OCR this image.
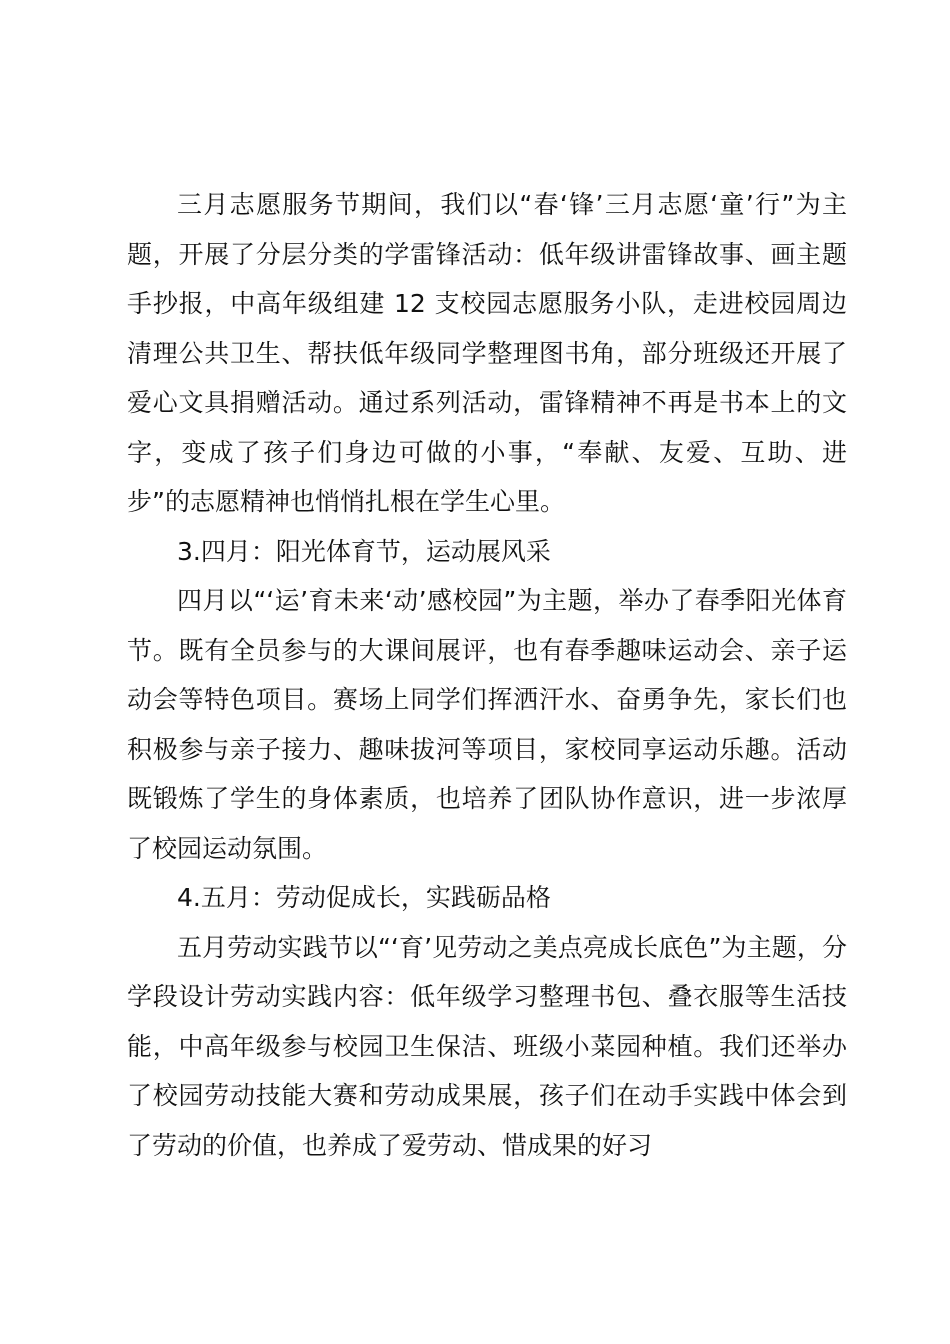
三月志愿服务节期间，我们以“春‘锋’三月志愿‘童’行”为主题，开展了分层分类的学雷锋活动：低年级讲雷锋故事、画主题手抄报，中高年级组建 12 支校园志愿服务小队，走进校园周边清理公共卫生、帮扶低年级同学整理图书角，部分班级还开展了爱心文具捐赠活动。通过系列活动，雷锋精神不再是书本上的文字，变成了孩子们身边可做的小事，“奉献、友爱、互助、进步”的志愿精神也悄悄扎根在学生心里。

3.四月：阳光体育节，运动展风采

四月以“‘运’育未来‘动’感校园”为主题，举办了春季阳光体育节。既有全员参与的大课间展评，也有春季趣味运动会、亲子运动会等特色项目。赛场上同学们挥洒汗水、奋勇争先，家长们也积极参与亲子接力、趣味拔河等项目，家校同享运动乐趣。活动既锻炼了学生的身体素质，也培养了团队协作意识，进一步浓厚了校园运动氛围。

4.五月：劳动促成长，实践砺品格

五月劳动实践节以“‘育’见劳动之美点亮成长底色”为主题，分学段设计劳动实践内容：低年级学习整理书包、叠衣服等生活技能，中高年级参与校园卫生保洁、班级小菜园种植。我们还举办了校园劳动技能大赛和劳动成果展，孩子们在动手实践中体会到了劳动的价值，也养成了爱劳动、惜成果的好习
